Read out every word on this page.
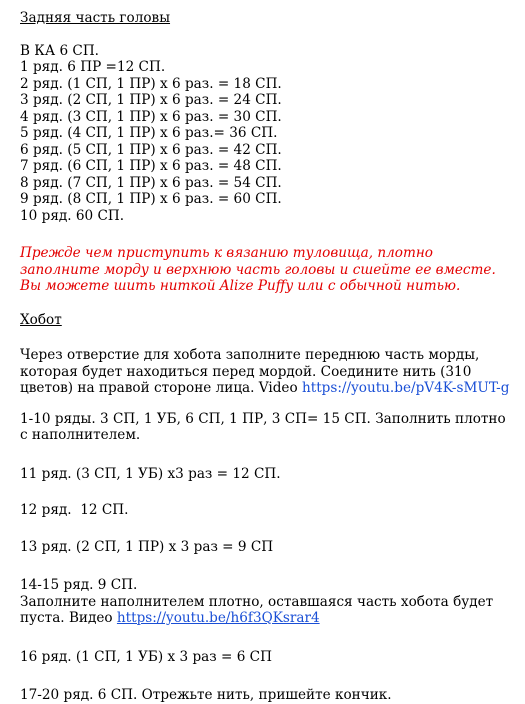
Задняя часть головы

В КА 6 СП.

1 ряд. 6 ПР =12 СП.

2 ряд. (1 СП, 1 ПР) х 6 раз. = 18 СП.

3 ряд. (2 СП, 1 ПР) х 6 раз. = 24 СП.

4 ряд. (3 СП, 1 ПР) х 6 раз. = 30 СП.

5 ряд. (4 СП, 1 ПР) х 6 раз.= 36 СП.

6 ряд. (5 СП, 1 ПР) х 6 раз. = 42 СП.

7 ряд. (6 СП, 1 ПР) х 6 раз. = 48 СП.

8 ряд. (7 СП, 1 ПР) х 6 раз. = 54 СП.

9 ряд. (8 СП, 1 ПР) х 6 раз. = 60 СП.

10 ряд. 60 СП.

Прежде чем приступить к вязанию туловища, плотно заполните морду и верхнюю часть головы и сшейте ее вместе. Вы можете шить ниткой Alize Puffy или с обычной нитью.

Хобот

Через отверстие для хобота заполните переднюю часть морды, которая будет находиться перед мордой. Соедините нить (310 цветов) на правой стороне лица. Video https://youtu.be/pV4K-sMUT-g

1-10 ряды. 3 СП, 1 УБ, 6 СП, 1 ПР, 3 СП= 15 СП. Заполнить плотно с наполнителем.

11 ряд. (3 СП, 1 УБ) х3 раз = 12 СП.

12 ряд.  12 СП.

13 ряд. (2 СП, 1 ПР) х 3 раз = 9 СП

14-15 ряд. 9 СП.

Заполните наполнителем плотно, оставшаяся часть хобота будет пуста. Видео https://youtu.be/h6f3QKsrar4

16 ряд. (1 СП, 1 УБ) х 3 раз = 6 СП

17-20 ряд. 6 СП. Отрежьте нить, пришейте кончик.
